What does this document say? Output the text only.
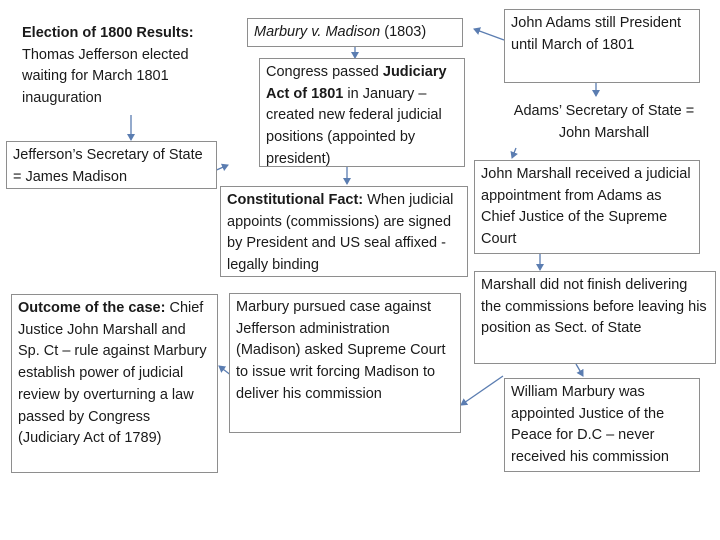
Election of 1800 Results: Thomas Jefferson elected waiting for March 1801 inauguration
Jefferson’s Secretary of State = James Madison
Outcome of the case: Chief Justice John Marshall and Sp. Ct – rule against Marbury establish power of judicial review by overturning a law passed by Congress (Judiciary Act of 1789)
Marbury v. Madison (1803)
Congress passed Judiciary Act of 1801 in January – created new federal judicial positions (appointed by president)
Constitutional Fact: When judicial appoints (commissions) are signed by President and US seal affixed - legally binding
Marbury pursued case against Jefferson administration (Madison) asked Supreme Court to issue writ forcing Madison to deliver his commission
John Adams still President until March of 1801
Adams’ Secretary of State = John Marshall
John Marshall received a judicial appointment from Adams as Chief Justice of the Supreme Court
Marshall did not finish delivering the commissions before leaving his position as Sect. of State
William Marbury was appointed Justice of the Peace for D.C – never received his commission
